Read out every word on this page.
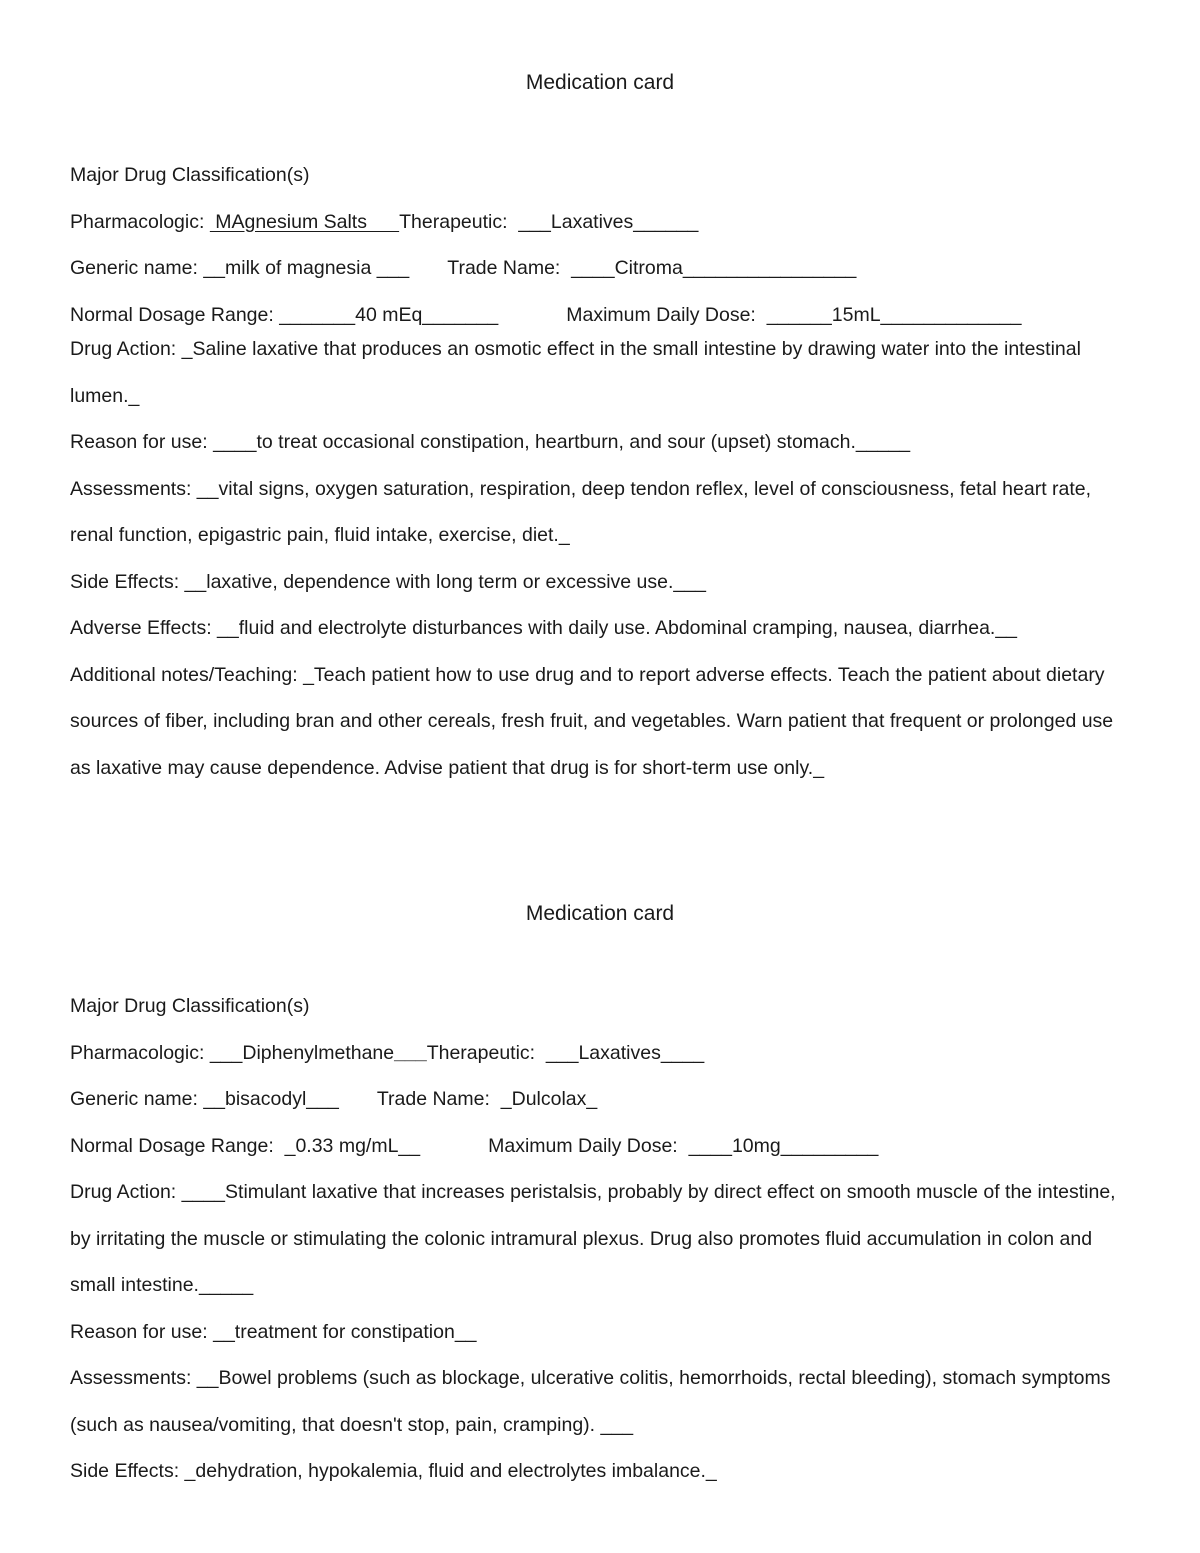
Medication card

Major Drug Classification(s)

Pharmacologic:  MAgnesium Salts      Therapeutic:  ___Laxatives______

Generic name: __milk of magnesia ___ Trade Name:  ____Citroma________________

Normal Dosage Range: _______40 mEq_______	Maximum Daily Dose:  ______15mL_____________

Drug Action: _Saline laxative that produces an osmotic effect in the small intestine by drawing water into the intestinal lumen._

Reason for use: ____to treat occasional constipation, heartburn, and sour (upset) stomach._____

Assessments: __vital signs, oxygen saturation, respiration, deep tendon reflex, level of consciousness, fetal heart rate, renal function, epigastric pain, fluid intake, exercise, diet._

Side Effects: __laxative, dependence with long term or excessive use.___

Adverse Effects: __fluid and electrolyte disturbances with daily use. Abdominal cramping, nausea, diarrhea.__

Additional notes/Teaching: _Teach patient how to use drug and to report adverse effects. Teach the patient about dietary sources of fiber, including bran and other cereals, fresh fruit, and vegetables. Warn patient that frequent or prolonged use as laxative may cause dependence. Advise patient that drug is for short-term use only._

Medication card

Major Drug Classification(s)

Pharmacologic: ___Diphenylmethane___Therapeutic:  ___Laxatives____

Generic name: __bisacodyl___ Trade Name:  _Dulcolax_

Normal Dosage Range:  _0.33 mg/mL__	Maximum Daily Dose:  ____10mg_________

Drug Action: ____Stimulant laxative that increases peristalsis, probably by direct effect on smooth muscle of the intestine, by irritating the muscle or stimulating the colonic intramural plexus. Drug also promotes fluid accumulation in colon and small intestine._____

Reason for use: __treatment for constipation__

Assessments: __Bowel problems (such as blockage, ulcerative colitis, hemorrhoids, rectal bleeding), stomach symptoms (such as nausea/vomiting, that doesn't stop, pain, cramping). ___

Side Effects: _dehydration, hypokalemia, fluid and electrolytes imbalance._
